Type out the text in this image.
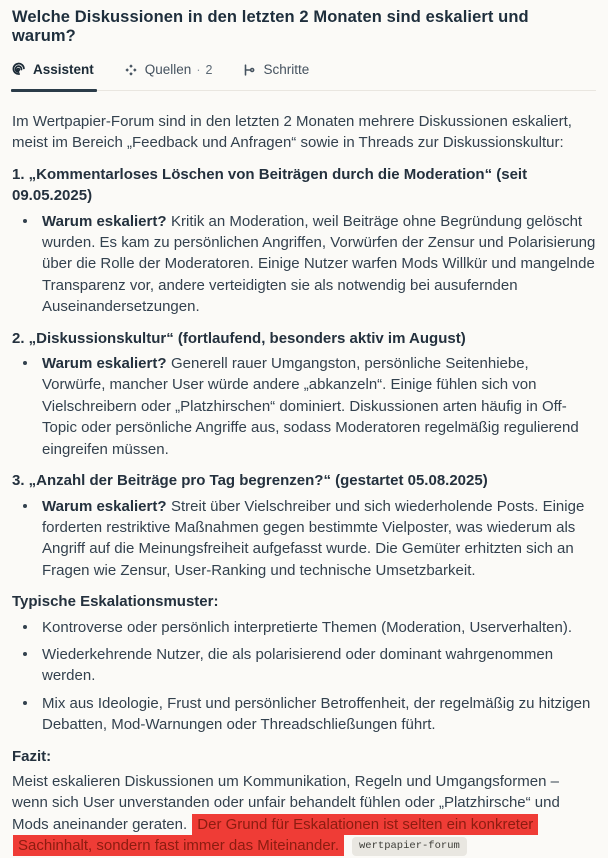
Welche Diskussionen in den letzten 2 Monaten sind eskaliert und warum?
Assistent	Quellen · 2	Schritte

Im Wertpapier-Forum sind in den letzten 2 Monaten mehrere Diskussionen eskaliert, meist im Bereich „Feedback und Anfragen“ sowie in Threads zur Diskussionskultur:

1. „Kommentarloses Löschen von Beiträgen durch die Moderation“ (seit 09.05.2025)

Warum eskaliert? Kritik an Moderation, weil Beiträge ohne Begründung gelöscht wurden. Es kam zu persönlichen Angriffen, Vorwürfen der Zensur und Polarisierung über die Rolle der Moderatoren. Einige Nutzer warfen Mods Willkür und mangelnde Transparenz vor, andere verteidigten sie als notwendig bei ausufernden Auseinandersetzungen.

2. „Diskussionskultur“ (fortlaufend, besonders aktiv im August)

Warum eskaliert? Generell rauer Umgangston, persönliche Seitenhiebe, Vorwürfe, mancher User würde andere „abkanzeln“. Einige fühlen sich von Vielschreibern oder „Platzhirschen“ dominiert. Diskussionen arten häufig in Off-Topic oder persönliche Angriffe aus, sodass Moderatoren regelmäßig regulierend eingreifen müssen.

3. „Anzahl der Beiträge pro Tag begrenzen?“ (gestartet 05.08.2025)

Warum eskaliert? Streit über Vielschreiber und sich wiederholende Posts. Einige forderten restriktive Maßnahmen gegen bestimmte Vielposter, was wiederum als Angriff auf die Meinungsfreiheit aufgefasst wurde. Die Gemüter erhitzten sich an Fragen wie Zensur, User-Ranking und technische Umsetzbarkeit.

Typische Eskalationsmuster:

Kontroverse oder persönlich interpretierte Themen (Moderation, Userverhalten).
Wiederkehrende Nutzer, die als polarisierend oder dominant wahrgenommen werden.
Mix aus Ideologie, Frust und persönlicher Betroffenheit, der regelmäßig zu hitzigen Debatten, Mod-Warnungen oder Threadschließungen führt.

Fazit:

Meist eskalieren Diskussionen um Kommunikation, Regeln und Umgangsformen – wenn sich User unverstanden oder unfair behandelt fühlen oder „Platzhirsche“ und Mods aneinander geraten. Der Grund für Eskalationen ist selten ein konkreter Sachinhalt, sondern fast immer das Miteinander. wertpapier-forum
